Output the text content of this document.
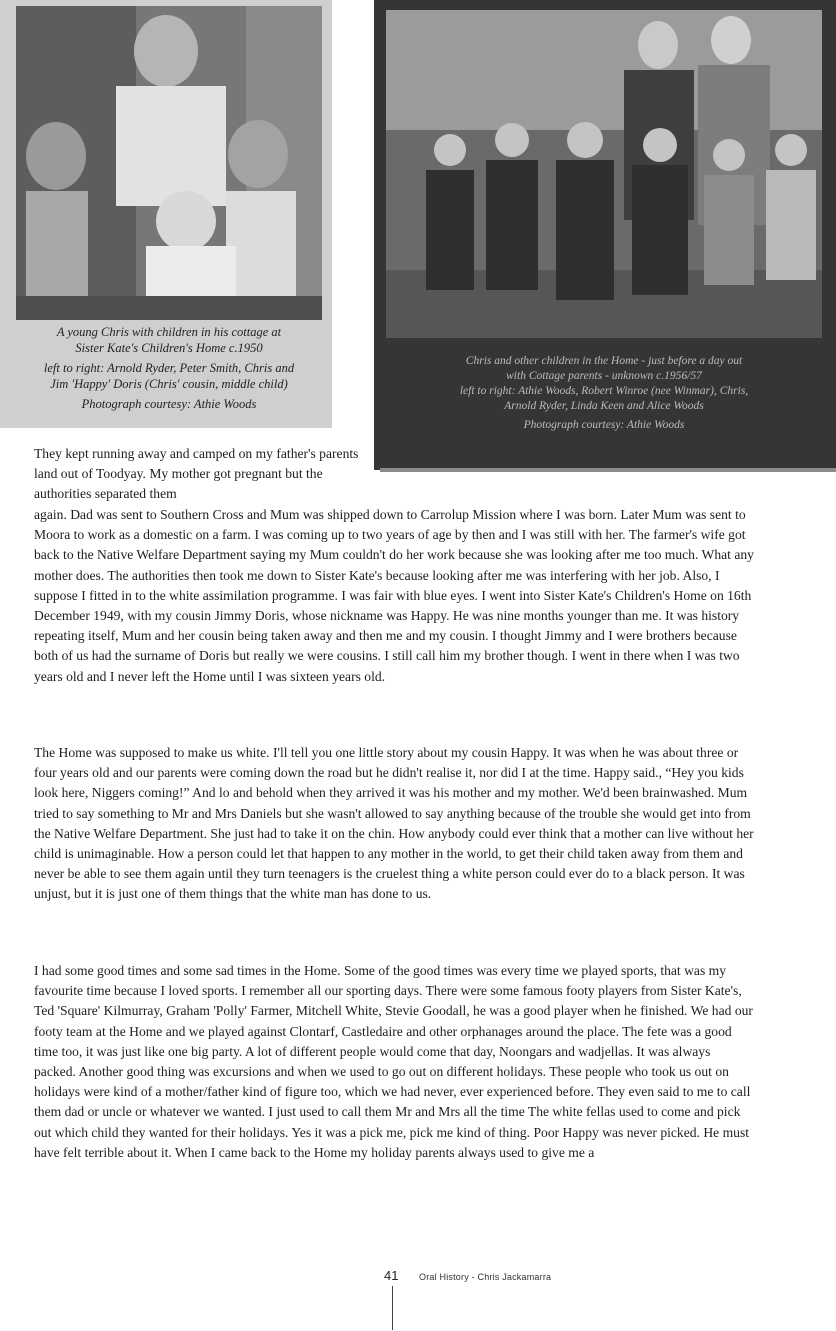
A young Chris with children in his cottage at

Sister Kate's Children's Home c.1950

left to right: Arnold Ryder, Peter Smith, Chris and

Jim 'Happy' Doris (Chris' cousin, middle child)

Photograph courtesy: Athie Woods

Chris and other children in the Home - just before a day out

with Cottage parents - unknown c.1956/57

left to right: Athie Woods, Robert Winroe (nee Winmar), Chris,

Arnold Ryder, Linda Keen and Alice Woods

Photograph courtesy: Athie Woods

They kept running away and camped on my father's parents land out of Toodyay. My mother got pregnant but the authorities separated them
again. Dad was sent to Southern Cross and Mum was shipped down to Carrolup Mission where I was born. Later Mum was sent to Moora to work as a domestic on a farm. I was coming up to two years of age by then and I was still with her. The farmer's wife got back to the Native Welfare Department saying my Mum couldn't do her work because she was looking after me too much. What any mother does. The authorities then took me down to Sister Kate's because looking after me was interfering with her job. Also, I suppose I fitted in to the white assimilation programme. I was fair with blue eyes. I went into Sister Kate's Children's Home on 16th December 1949, with my cousin Jimmy Doris, whose nickname was Happy. He was nine months younger than me. It was history repeating itself, Mum and her cousin being taken away and then me and my cousin. I thought Jimmy and I were brothers because both of us had the surname of Doris but really we were cousins. I still call him my brother though. I went in there when I was two years old and I never left the Home until I was sixteen years old.
The Home was supposed to make us white. I'll tell you one little story about my cousin Happy. It was when he was about three or four years old and our parents were coming down the road but he didn't realise it, nor did I at the time. Happy said., “Hey you kids look here, Niggers coming!” And lo and behold when they arrived it was his mother and my mother. We'd been brainwashed. Mum tried to say something to Mr and Mrs Daniels but she wasn't allowed to say anything because of the trouble she would get into from the Native Welfare Department. She just had to take it on the chin. How anybody could ever think that a mother can live without her child is unimaginable. How a person could let that happen to any mother in the world, to get their child taken away from them and never be able to see them again until they turn teenagers is the cruelest thing a white person could ever do to a black person. It was unjust, but it is just one of them things that the white man has done to us.
I had some good times and some sad times in the Home. Some of the good times was every time we played sports, that was my favourite time because I loved sports. I remember all our sporting days. There were some famous footy players from Sister Kate's, Ted 'Square' Kilmurray, Graham 'Polly' Farmer, Mitchell White, Stevie Goodall, he was a good player when he finished. We had our footy team at the Home and we played against Clontarf, Castledaire and other orphanages around the place. The fete was a good time too, it was just like one big party. A lot of different people would come that day, Noongars and wadjellas. It was always packed. Another good thing was excursions and when we used to go out on different holidays. These people who took us out on holidays were kind of a mother/father kind of figure too, which we had never, ever experienced before. They even said to me to call them dad or uncle or whatever we wanted. I just used to call them Mr and Mrs all the time The white fellas used to come and pick out which child they wanted for their holidays. Yes it was a pick me, pick me kind of thing. Poor Happy was never picked. He must have felt terrible about it. When I came back to the Home my holiday parents always used to give me a
41 Oral History - Chris Jackamarra
